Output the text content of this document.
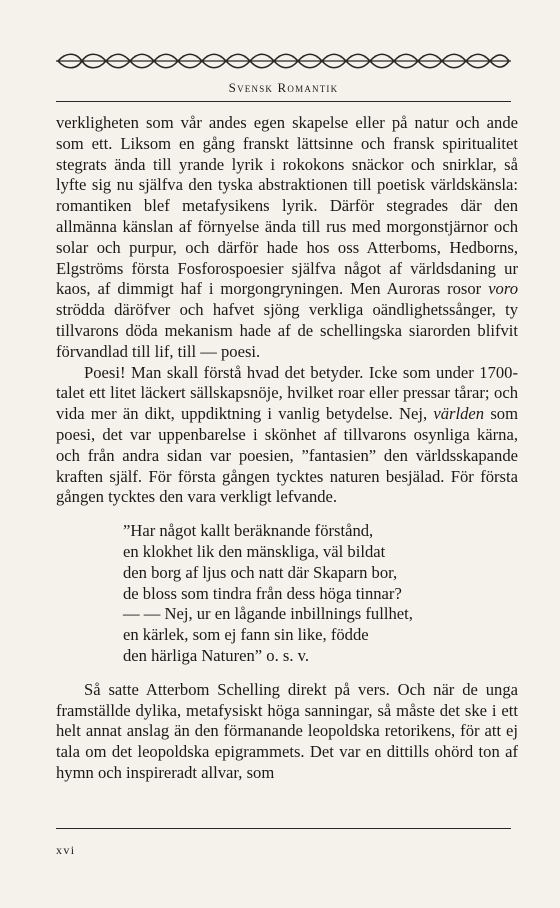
Svensk Romantik

verkligheten som vår andes egen skapelse eller på natur och ande som ett. Liksom en gång franskt lättsinne och fransk spiritualitet stegrats ända till yrande lyrik i rokokons snäckor och snirklar, så lyfte sig nu själfva den tyska abstraktionen till poetisk världskänsla: romantiken blef metafysikens lyrik. Därför stegrades där den allmänna känslan af förnyelse ända till rus med morgonstjärnor och solar och purpur, och därför hade hos oss Atterboms, Hedborns, Elgströms första Fosforospoesier själfva något af världsdaning ur kaos, af dimmigt haf i morgongryningen. Men Auroras rosor voro strödda däröfver och hafvet sjöng verkliga oändlighetssånger, ty tillvarons döda mekanism hade af de schellingska siarorden blifvit förvandlad till lif, till — poesi.

Poesi! Man skall förstå hvad det betyder. Icke som under 1700-talet ett litet läckert sällskapsnöje, hvilket roar eller pressar tårar; och vida mer än dikt, uppdiktning i vanlig betydelse. Nej, världen som poesi, det var uppenbarelse i skönhet af tillvarons osynliga kärna, och från andra sidan var poesien, ”fantasien” den världsskapande kraften själf. För första gången tycktes naturen besjälad. För första gången tycktes den vara verkligt lefvande.

”Har något kallt beräknande förstånd,
en klokhet lik den mänskliga, väl bildat
den borg af ljus och natt där Skaparn bor,
de bloss som tindra från dess höga tinnar?
— — Nej, ur en lågande inbillnings fullhet,
en kärlek, som ej fann sin like, födde
den härliga Naturen” o. s. v.

Så satte Atterbom Schelling direkt på vers. Och när de unga framställde dylika, metafysiskt höga sanningar, så måste det ske i ett helt annat anslag än den förmanande leopoldska retorikens, för att ej tala om det leopoldska epigrammets. Det var en dittills ohörd ton af hymn och inspireradt allvar, som

xvi
